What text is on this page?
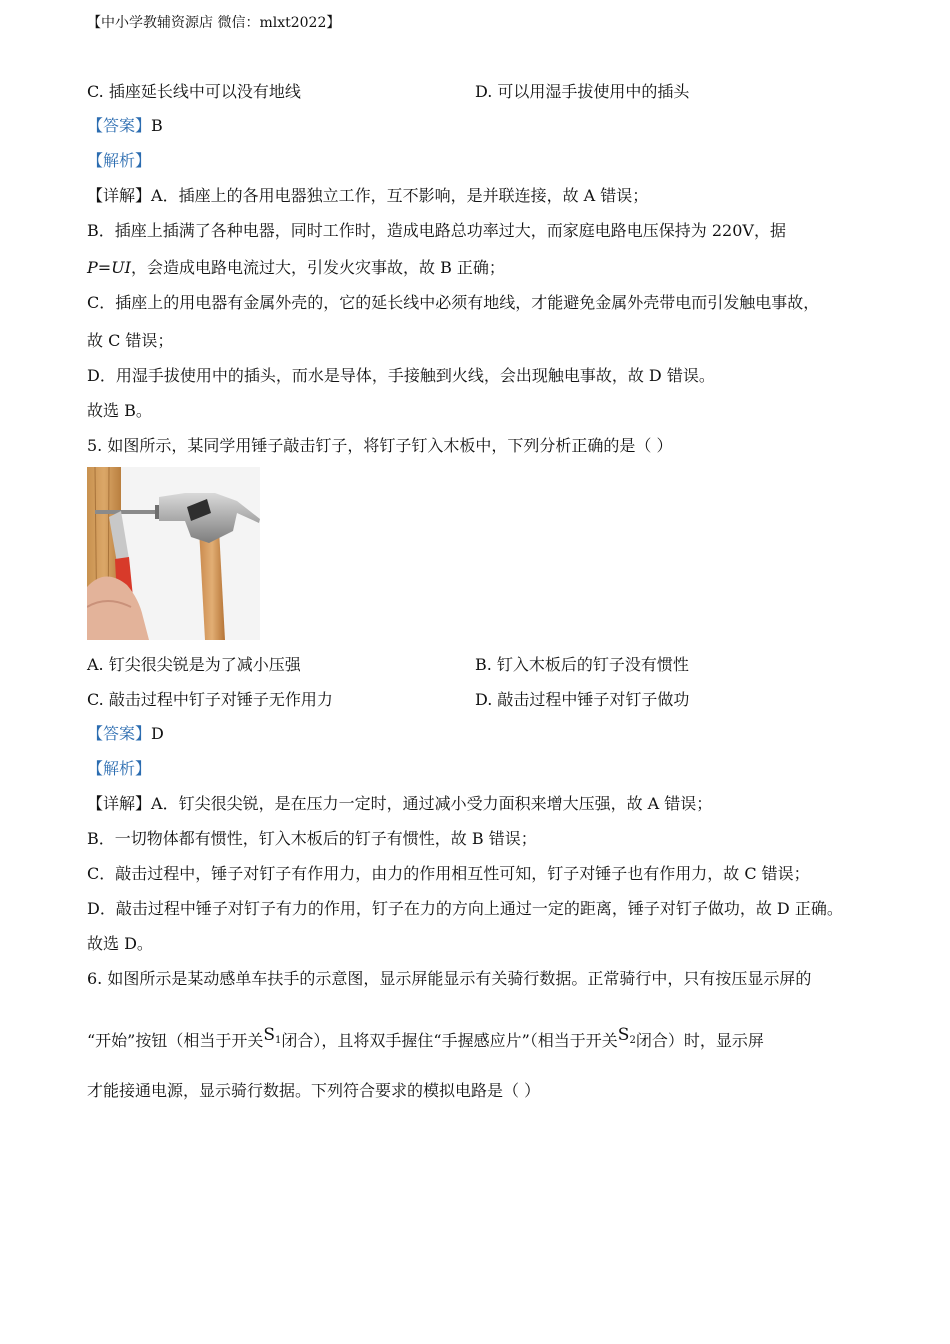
【中小学教辅资源店 微信：mlxt2022】
C. 插座延长线中可以没有地线	D. 可以用湿手拔使用中的插头
【答案】B
【解析】
【详解】A．插座上的各用电器独立工作，互不影响，是并联连接，故 A 错误；
B．插座上插满了各种电器，同时工作时，造成电路总功率过大，而家庭电路电压保持为 220V，据
P=UI，会造成电路电流过大，引发火灾事故，故 B 正确；
C．插座上的用电器有金属外壳的，它的延长线中必须有地线，才能避免金属外壳带电而引发触电事故，
故 C 错误；
D．用湿手拔使用中的插头，而水是导体，手接触到火线，会出现触电事故，故 D 错误。
故选 B。
5. 如图所示，某同学用锤子敲击钉子，将钉子钉入木板中，下列分析正确的是（ ）
A. 钉尖很尖锐是为了减小压强	B. 钉入木板后的钉子没有惯性
C. 敲击过程中钉子对锤子无作用力	D. 敲击过程中锤子对钉子做功
【答案】D
【解析】
【详解】A．钉尖很尖锐，是在压力一定时，通过减小受力面积来增大压强，故 A 错误；
B．一切物体都有惯性，钉入木板后的钉子有惯性，故 B 错误；
C．敲击过程中，锤子对钉子有作用力，由力的作用相互性可知，钉子对锤子也有作用力，故 C 错误；
D．敲击过程中锤子对钉子有力的作用，钉子在力的方向上通过一定的距离，锤子对钉子做功，故 D 正确。
故选 D。
6. 如图所示是某动感单车扶手的示意图，显示屏能显示有关骑行数据。正常骑行中，只有按压显示屏的
“开始”按钮（相当于开关$S_1$闭合），且将双手握住“手握感应片”（相当于开关$S_2$闭合）时，显示屏
才能接通电源，显示骑行数据。下列符合要求的模拟电路是（ ）
